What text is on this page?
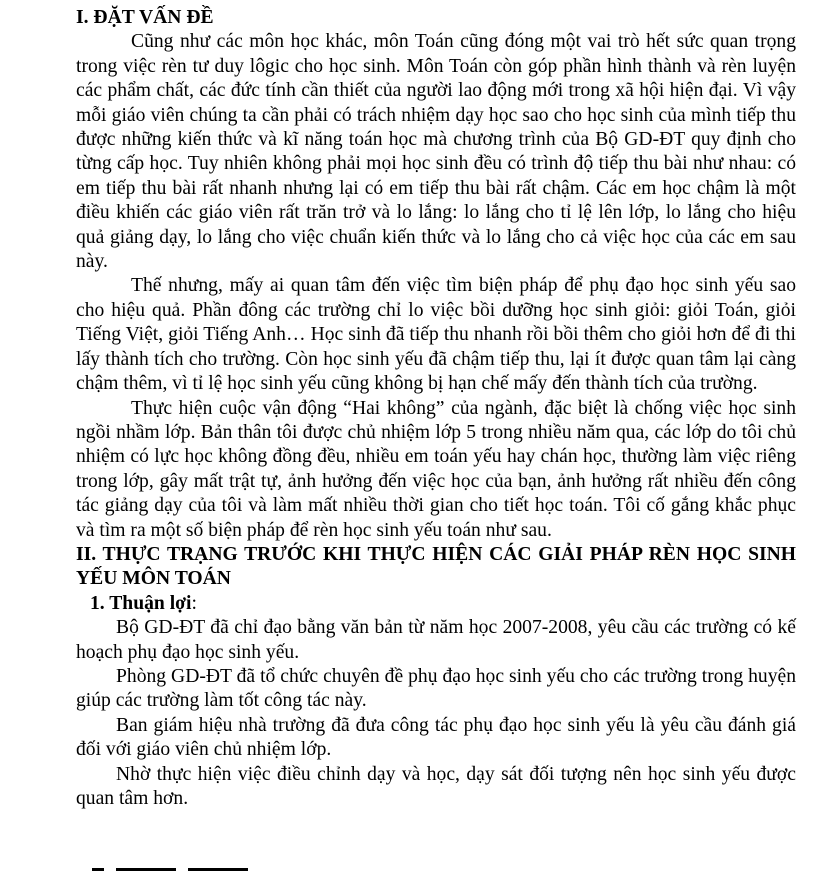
I. ĐẶT VẤN ĐỀ

Cũng như các môn học khác, môn Toán cũng đóng một vai trò hết sức quan trọng trong việc rèn tư duy lôgic cho học sinh. Môn Toán còn góp phần hình thành và rèn luyện các phẩm chất, các đức tính cần thiết của người lao động mới trong xã hội hiện đại. Vì vậy mỗi giáo viên chúng ta cần phải có trách nhiệm dạy học sao cho học sinh của mình tiếp thu được những kiến thức và kĩ năng toán học mà chương trình của Bộ GD-ĐT quy định cho từng cấp học. Tuy nhiên không phải mọi học sinh đều có trình độ tiếp thu bài như nhau: có em tiếp thu bài rất nhanh nhưng lại có em tiếp thu bài rất chậm. Các em học chậm là một điều khiến các giáo viên rất trăn trở và lo lắng: lo lắng cho tỉ lệ lên lớp, lo lắng cho hiệu quả giảng dạy, lo lắng cho việc chuẩn kiến thức và lo lắng cho cả việc học của các em sau này.

Thế nhưng, mấy ai quan tâm đến việc tìm biện pháp để phụ đạo học sinh yếu sao cho hiệu quả. Phần đông các trường chỉ lo việc bồi dưỡng học sinh giỏi: giỏi Toán, giỏi Tiếng Việt, giỏi Tiếng Anh… Học sinh đã tiếp thu nhanh rồi bồi thêm cho giỏi hơn để đi thi lấy thành tích cho trường. Còn học sinh yếu đã chậm tiếp thu, lại ít được quan tâm lại càng chậm thêm, vì tỉ lệ học sinh yếu cũng không bị hạn chế mấy đến thành tích của trường.

Thực hiện cuộc vận động “Hai không” của ngành, đặc biệt là chống việc học sinh ngồi nhầm lớp. Bản thân tôi được chủ nhiệm lớp 5 trong nhiều năm qua, các lớp do tôi chủ nhiệm có lực học không đồng đều, nhiều em toán yếu hay chán học, thường làm việc riêng trong lớp, gây mất trật tự, ảnh hưởng đến việc học của bạn, ảnh hưởng rất nhiều đến công tác giảng dạy của tôi và làm mất nhiều thời gian cho tiết học toán. Tôi cố gắng khắc phục và tìm ra một số biện pháp để rèn học sinh yếu toán như sau.

II. THỰC TRẠNG TRƯỚC KHI THỰC HIỆN CÁC GIẢI PHÁP RÈN HỌC SINH YẾU MÔN TOÁN

1. Thuận lợi:

Bộ GD-ĐT đã chỉ đạo bằng văn bản từ năm học 2007-2008, yêu cầu các trường có kế hoạch phụ đạo học sinh yếu.

Phòng GD-ĐT đã tổ chức chuyên đề phụ đạo học sinh yếu cho các trường trong huyện giúp các trường làm tốt công tác này.

Ban giám hiệu nhà trường đã đưa công tác phụ đạo học sinh yếu là yêu cầu đánh giá đối với giáo viên chủ nhiệm lớp.

Nhờ thực hiện việc điều chỉnh dạy và học, dạy sát đối tượng nên học sinh yếu được quan tâm hơn.
